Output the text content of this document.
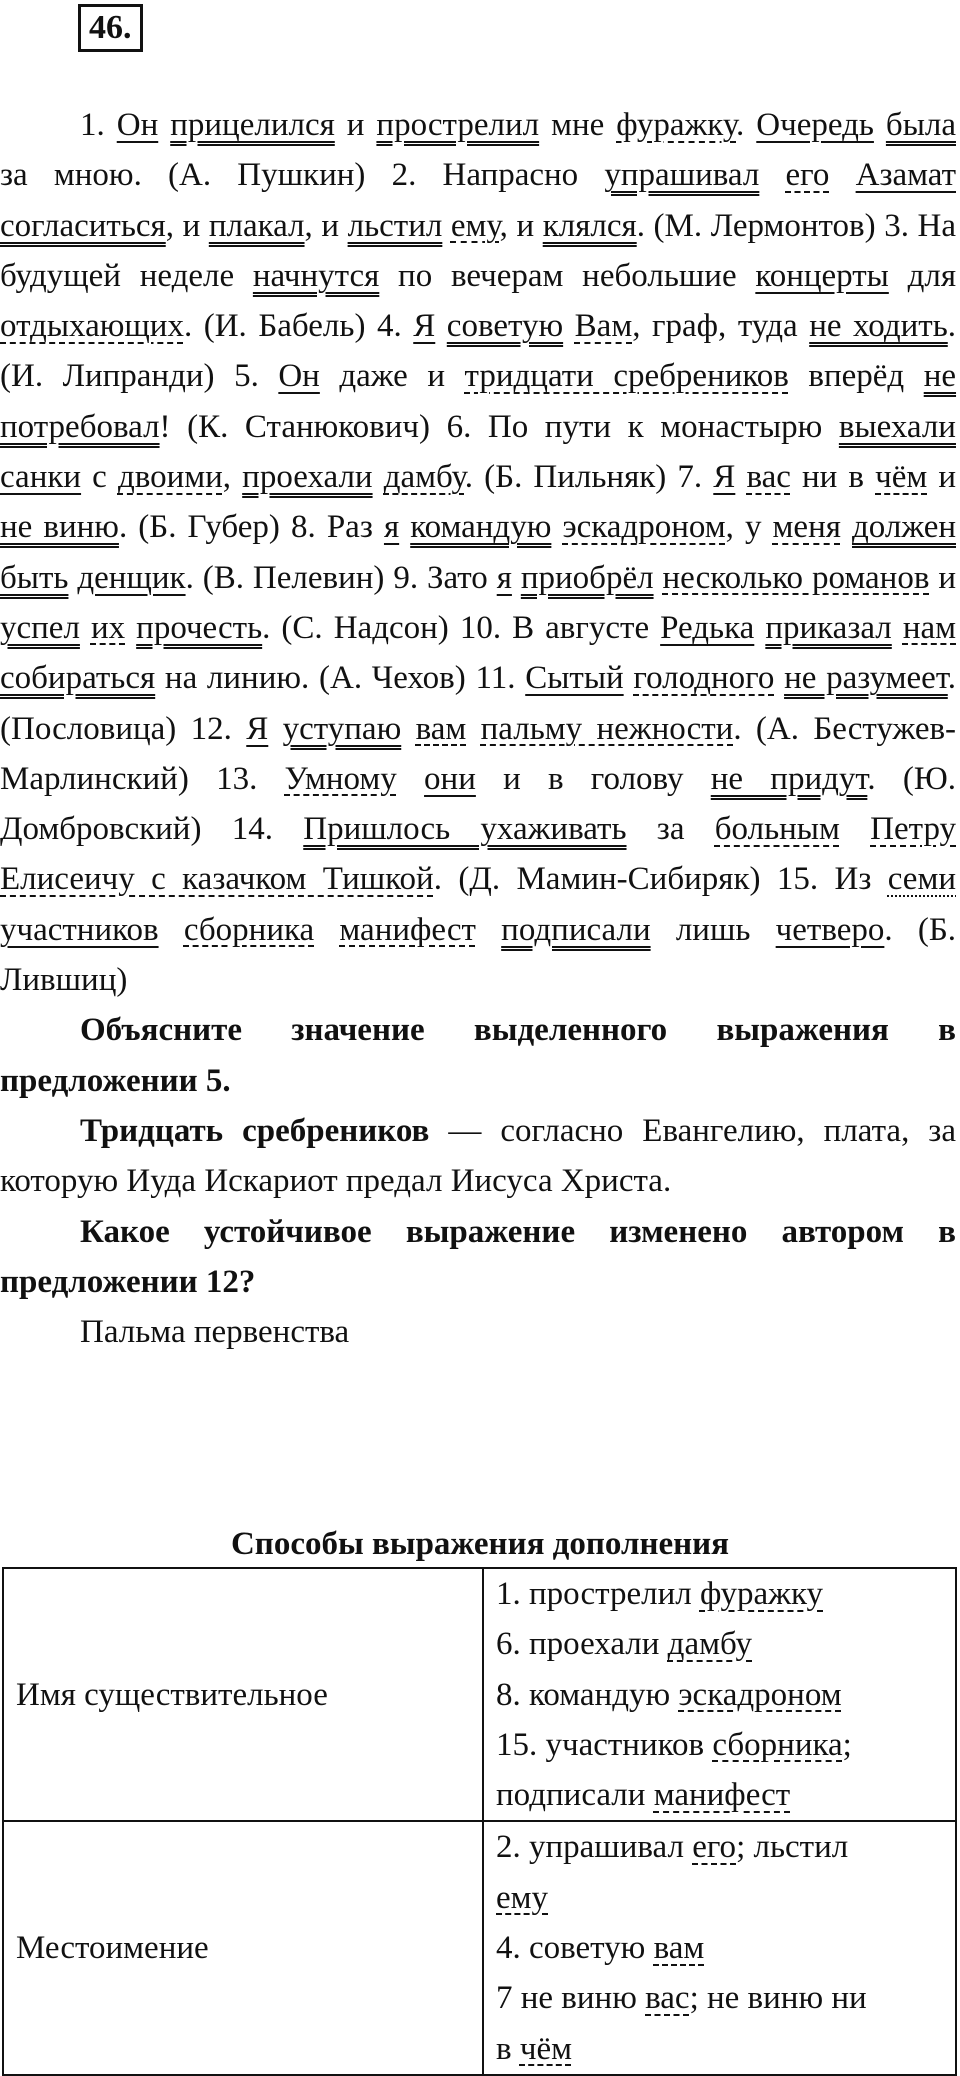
46.

1. Он прицелился и прострелил мне фуражку. Очередь была за мною. (А. Пушкин) 2. Напрасно упрашивал его Азамат согласиться, и плакал, и льстил ему, и клялся. (М. Лермонтов) 3. На будущей неделе начнутся по вечерам небольшие концерты для отдыхающих. (И. Бабель) 4. Я советую Вам, граф, туда не ходить. (И. Липранди) 5. Он даже и тридцати сребреников вперёд не потребовал! (К. Станюкович) 6. По пути к монастырю выехали санки с двоими, проехали дамбу. (Б. Пильняк) 7. Я вас ни в чём и не виню. (Б. Губер) 8. Раз я командую эскадроном, у меня должен быть денщик. (В. Пелевин) 9. Зато я приобрёл несколько романов и успел их прочесть. (С. Надсон) 10. В августе Редька приказал нам собираться на линию. (А. Чехов) 11. Сытый голодного не разумеет. (Пословица) 12. Я уступаю вам пальму нежности. (А. Бестужев-Марлинский) 13. Умному они и в голову не придут. (Ю. Домбровский) 14. Пришлось ухаживать за больным Петру Елисеичу с казачком Тишкой. (Д. Мамин-Сибиряк) 15. Из семи участников сборника манифест подписали лишь четверо. (Б. Лившиц)

Объясните значение выделенного выражения в предложении 5.

Тридцать сребреников — согласно Евангелию, плата, за которую Иуда Искариот предал Иисуса Христа.

Какое устойчивое выражение изменено автором в предложении 12?

Пальма первенства

Способы выражения дополнения
Имя существительное	1. прострелил фуражку
6. проехали дамбу
8. командую эскадроном
15. участников сборника;
подписали манифест

Местоимение	2. упрашивал его; льстил
ему
4. советую вам
7 не виню вас; не виню ни
в чём
